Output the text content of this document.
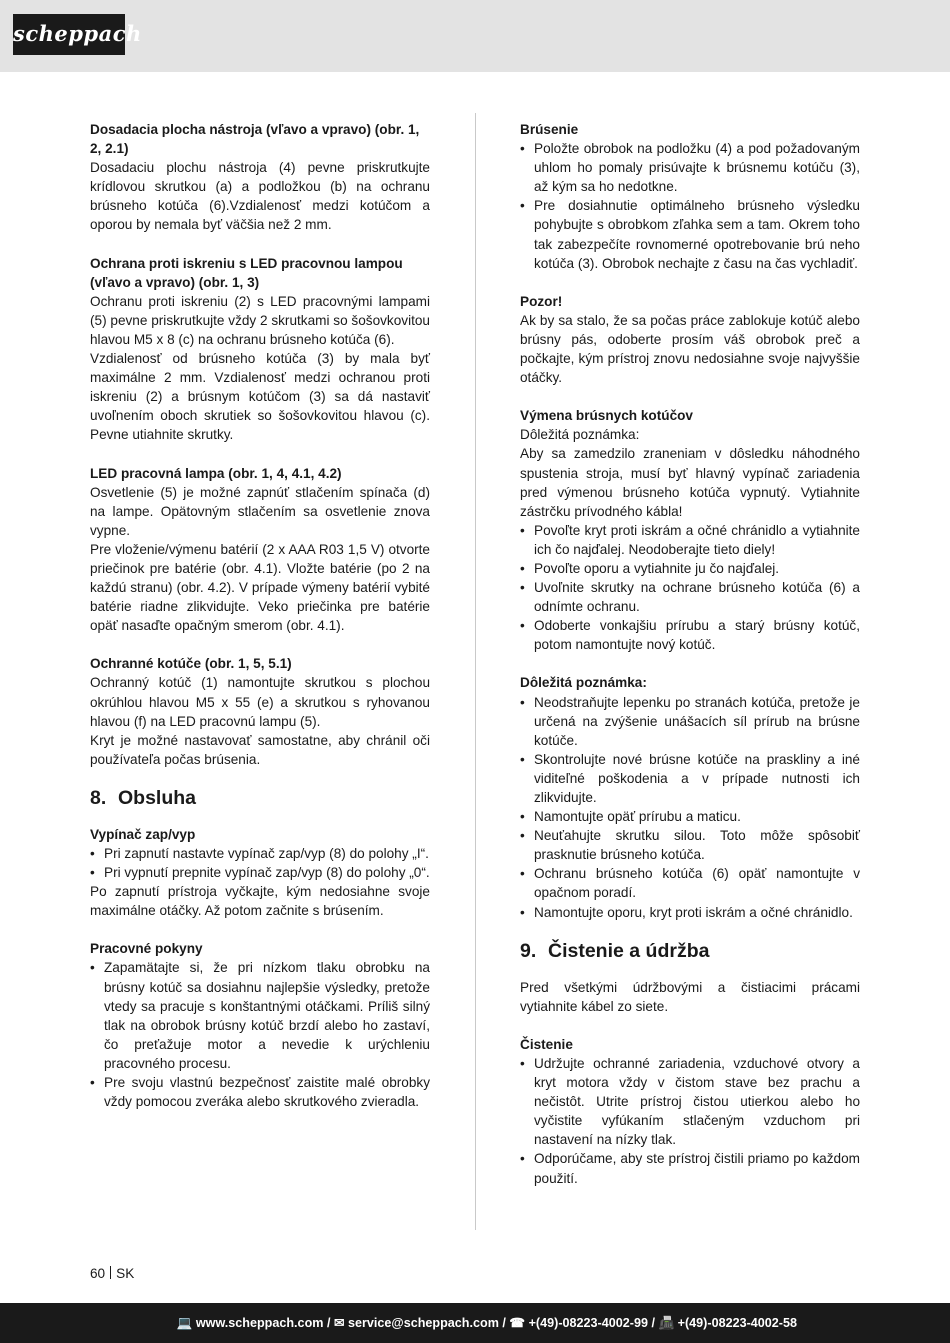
scheppach
Dosadacia plocha nástroja (vľavo a vpravo) (obr. 1, 2, 2.1)
Dosadaciu plochu nástroja (4) pevne priskrutkujte krídlovou skrutkou (a) a podložkou (b) na ochranu brúsneho kotúča (6).Vzdialenosť medzi kotúčom a oporou by nemala byť väčšia než 2 mm.
Ochrana proti iskreniu s LED pracovnou lampou (vľavo a vpravo) (obr. 1, 3)
Ochranu proti iskreniu (2) s LED pracovnými lampami (5) pevne priskrutkujte vždy 2 skrutkami so šošovkovitou hlavou M5 x 8 (c) na ochranu brúsneho kotúča (6).
Vzdialenosť od brúsneho kotúča (3) by mala byť maximálne 2 mm. Vzdialenosť medzi ochranou proti iskreniu (2) a brúsnym kotúčom (3) sa dá nastaviť uvoľnením oboch skrutiek so šošovkovitou hlavou (c). Pevne utiahnite skrutky.
LED pracovná lampa (obr. 1, 4, 4.1, 4.2)
Osvetlenie (5) je možné zapnúť stlačením spínača (d) na lampe. Opätovným stlačením sa osvetlenie znova vypne.
Pre vloženie/výmenu batérií (2 x AAA R03 1,5 V) otvorte priečinok pre batérie (obr. 4.1). Vložte batérie (po 2 na každú stranu) (obr. 4.2). V prípade výmeny batérií vybité batérie riadne zlikvidujte. Veko priečinka pre batérie opäť nasaďte opačným smerom (obr. 4.1).
Ochranné kotúče (obr. 1, 5, 5.1)
Ochranný kotúč (1) namontujte skrutkou s plochou okrúhlou hlavou M5 x 55 (e) a skrutkou s ryhovanou hlavou (f) na LED pracovnú lampu (5).
Kryt je možné nastavovať samostatne, aby chránil oči používateľa počas brúsenia.
8. Obsluha
Vypínač zap/vyp
• Pri zapnutí nastavte vypínač zap/vyp (8) do polohy „I“.
• Pri vypnutí prepnite vypínač zap/vyp (8) do polohy „0“.
Po zapnutí prístroja vyčkajte, kým nedosiahne svoje maximálne otáčky. Až potom začnite s brúsením.
Pracovné pokyny
• Zapamätajte si, že pri nízkom tlaku obrobku na brúsny kotúč sa dosiahnu najlepšie výsledky, pretože vtedy sa pracuje s konštantnými otáčkami. Príliš silný tlak na obrobok brúsny kotúč brzdí alebo ho zastaví, čo preťažuje motor a nevedie k urýchleniu pracovného procesu.
• Pre svoju vlastnú bezpečnosť zaistite malé obrobky vždy pomocou zveráka alebo skrutkového zvieradla.
Brúsenie
• Položte obrobok na podložku (4) a pod požadovaným uhlom ho pomaly prisúvajte k brúsnemu kotúču (3), až kým sa ho nedotkne.
• Pre dosiahnutie optimálneho brúsneho výsledku pohybujte s obrobkom zľahka sem a tam. Okrem toho tak zabezpečíte rovnomerné opotrebovanie brú neho kotúča (3). Obrobok nechajte z času na čas vychladiť.
Pozor!
Ak by sa stalo, že sa počas práce zablokuje kotúč alebo brúsny pás, odoberte prosím váš obrobok preč a počkajte, kým prístroj znovu nedosiahne svoje najvyššie otáčky.
Výmena brúsnych kotúčov
Dôležitá poznámka:
Aby sa zamedzilo zraneniam v dôsledku náhodného spustenia stroja, musí byť hlavný vypínač zariadenia pred výmenou brúsneho kotúča vypnutý. Vytiahnite zástrčku prívodného kábla!
• Povoľte kryt proti iskrám a očné chránidlo a vytiahnite ich čo najďalej. Neodoberajte tieto diely!
• Povoľte oporu a vytiahnite ju čo najďalej.
• Uvoľnite skrutky na ochrane brúsneho kotúča (6) a odnímte ochranu.
• Odoberte vonkajšiu prírubu a starý brúsny kotúč, potom namontujte nový kotúč.
Dôležitá poznámka:
• Neodstraňujte lepenku po stranách kotúča, pretože je určená na zvýšenie unášacích síl prírub na brúsne kotúče.
• Skontrolujte nové brúsne kotúče na praskliny a iné viditeľné poškodenia a v prípade nutnosti ich zlikvidujte.
• Namontujte opäť prírubu a maticu.
• Neuťahujte skrutku silou. Toto môže spôsobiť prasknutie brúsneho kotúča.
• Ochranu brúsneho kotúča (6) opäť namontujte v opačnom poradí.
• Namontujte oporu, kryt proti iskrám a očné chránidlo.
9. Čistenie a údržba
Pred všetkými údržbovými a čistiacimi prácami vytiahnite kábel zo siete.
Čistenie
• Udržujte ochranné zariadenia, vzduchové otvory a kryt motora vždy v čistom stave bez prachu a nečistôt. Utrite prístroj čistou utierkou alebo ho vyčistite vyfúkaním stlačeným vzduchom pri nastavení na nízky tlak.
• Odporúčame, aby ste prístroj čistili priamo po každom použití.
60 SK
💻 www.scheppach.com / ✉ service@scheppach.com / ☎ +(49)-08223-4002-99 / 📠 +(49)-08223-4002-58
